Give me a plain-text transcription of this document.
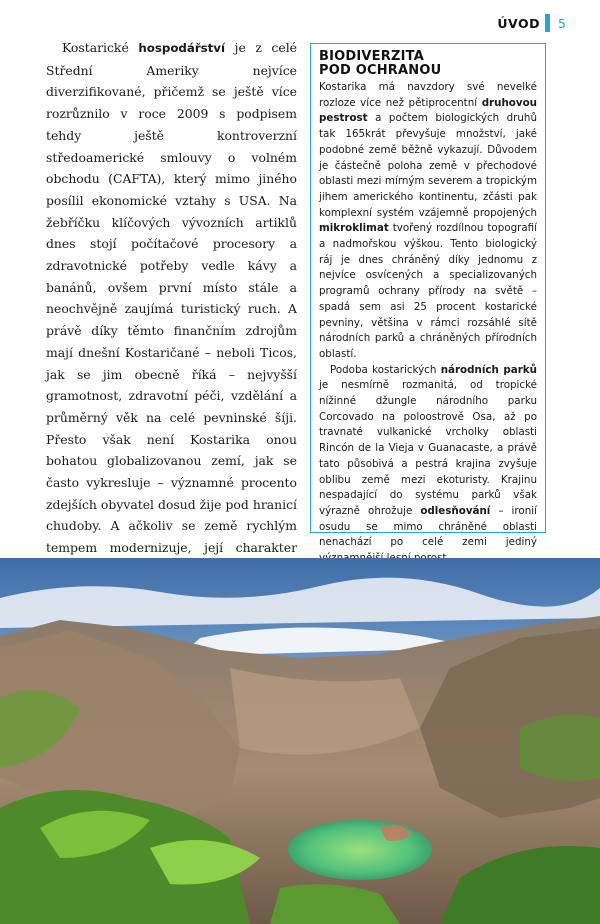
ÚVOD 5

Kostarické hospodářství je z celé Střední Ameriky nejvíce diverzifikované, přičemž se ještě více rozrůznilo v roce 2009 s podpisem tehdy ještě kontroverzní středoamerické smlouvy o volném obchodu (CAFTA), který mimo jiného posílil ekonomické vztahy s USA. Na žebříčku klíčových vývozních artiklů dnes stojí počítačové procesory a zdravotnické potřeby vedle kávy a banánů, ovšem první místo stále a neochvějně zaujímá turistický ruch. A právě díky těmto finančním zdrojům mají dnešní Kostaričané – neboli Ticos, jak se jim obecně říká – nejvyšší gramotnost, zdravotní péči, vzdělání a průměrný věk na celé pevninské šíji. Přesto však není Kostarika onou bohatou globalizovanou zemí, jak se často vykresluje – významné procento zdejších obyvatel dosud žije pod hranicí chudoby. A ačkoliv se země rychlým tempem modernizuje, její charakter

BIODIVERZITA
POD OCHRANOU

Kostarika má navzdory své nevelké rozloze více než pětiprocentní druhovou pestrost a počtem biologických druhů tak 165krát převyšuje množství, jaké podobné země běžně vykazují. Důvodem je částečně poloha země v přechodové oblasti mezi mírným severem a tropickým jihem amerického kontinentu, zčásti pak komplexní systém vzájemně propojených mikroklimat tvořený rozdílnou topografií a nadmořskou výškou. Tento biologický ráj je dnes chráněný díky jednomu z nejvíce osvícených a specializovaných programů ochrany přírody na světě – spadá sem asi 25 procent kostarické pevniny, většina v rámci rozsáhlé sítě národních parků a chráněných přírodních oblastí.

Podoba kostarických národních parků je nesmírně rozmanitá, od tropické nížinné džungle národního parku Corcovado na poloostrově Osa, až po travnaté vulkanické vrcholky oblasti Rincón de la Vieja v Guanacaste, a právě tato působivá a pestrá krajina zvyšuje oblibu země mezi ekoturisty. Krajinu nespadající do systému parků však výrazně ohrožuje odlesňování – ironií osudu se mimo chráněné oblasti nenachází po celé zemi jediný
